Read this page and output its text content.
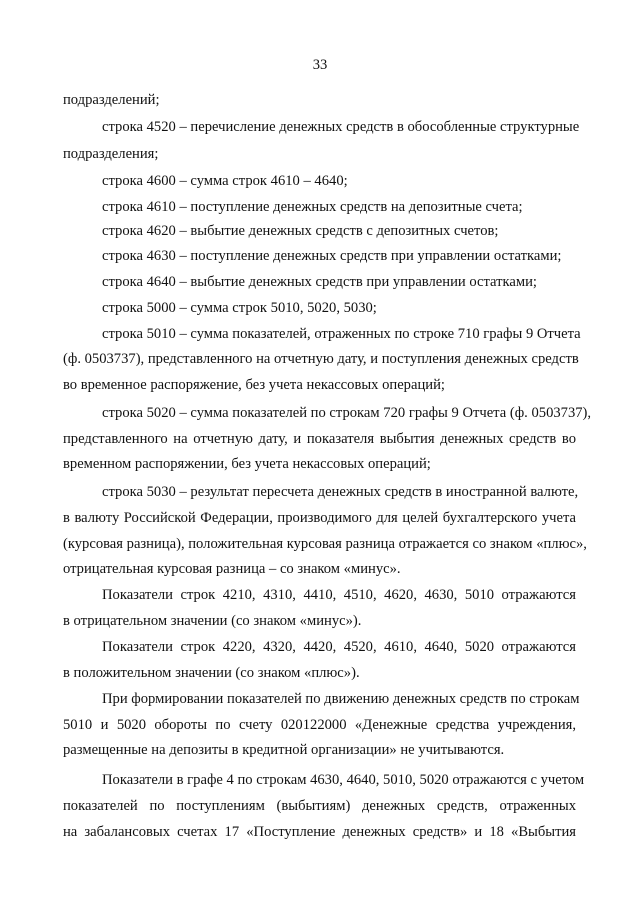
33
подразделений;
строка 4520 – перечисление денежных средств в обособленные структурные
подразделения;
строка 4600 – сумма строк 4610 – 4640;
строка 4610 – поступление денежных средств на депозитные счета;
строка 4620 – выбытие денежных средств с депозитных счетов;
строка 4630 – поступление денежных средств при управлении остатками;
строка 4640 – выбытие денежных средств при управлении остатками;
строка 5000 – сумма строк 5010, 5020, 5030;
строка 5010 – сумма показателей, отраженных по строке 710 графы 9 Отчета
(ф. 0503737), представленного на отчетную дату, и поступления денежных средств
во временное распоряжение, без учета некассовых операций;
строка 5020 – сумма показателей по строкам 720 графы 9 Отчета (ф. 0503737),
представленного на отчетную дату, и показателя выбытия денежных средств во
временном распоряжении, без учета некассовых операций;
строка 5030 – результат пересчета денежных средств в иностранной валюте,
в валюту Российской Федерации, производимого для целей бухгалтерского учета
(курсовая разница), положительная курсовая разница отражается со знаком «плюс»,
отрицательная курсовая разница – со знаком «минус».
Показатели строк 4210, 4310, 4410, 4510, 4620, 4630, 5010 отражаются
в отрицательном значении (со знаком «минус»).
Показатели строк 4220, 4320, 4420, 4520, 4610, 4640, 5020 отражаются
в положительном значении (со знаком «плюс»).
При формировании показателей по движению денежных средств по строкам
5010 и 5020 обороты по счету 020122000 «Денежные средства учреждения,
размещенные на депозиты в кредитной организации» не учитываются.
Показатели в графе 4 по строкам 4630, 4640, 5010, 5020 отражаются с учетом
показателей по поступлениям (выбытиям) денежных средств, отраженных
на забалансовых счетах 17 «Поступление денежных средств» и 18 «Выбытия
